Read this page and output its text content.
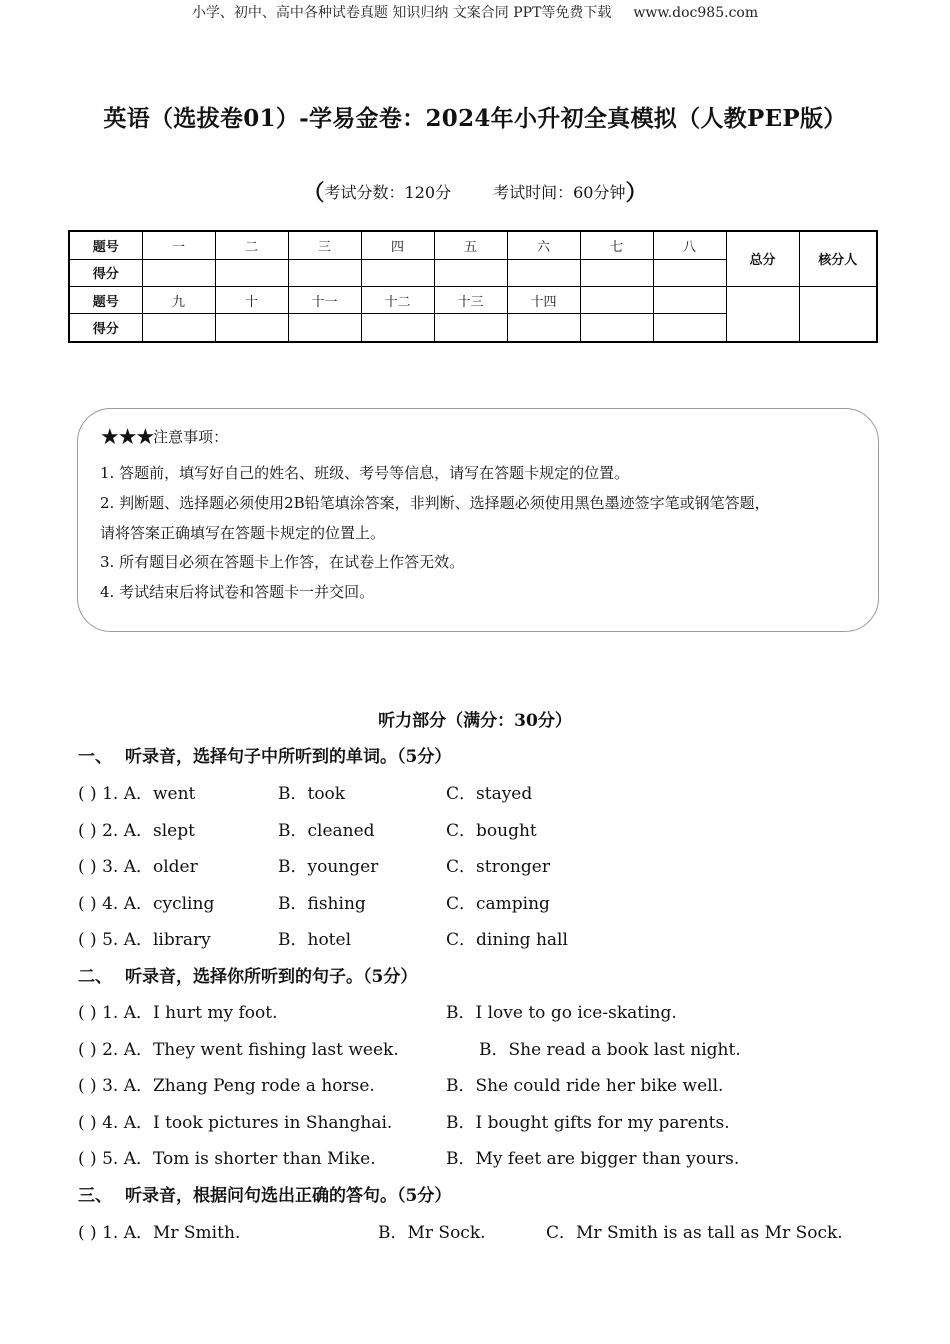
小学、初中、高中各种试卷真题 知识归纳 文案合同 PPT等免费下载 www.doc985.com
英语（选拔卷01）-学易金卷：2024年小升初全真模拟（人教PEP版）
（考试分数：120分	考试时间：60分钟）
题号	一	二	三	四	五	六	七	八	总分	核分人
得分										
题号	九	十	十一	十二	十三	十四				
得分										
★★★注意事项：
1. 答题前，填写好自己的姓名、班级、考号等信息，请写在答题卡规定的位置。
2. 判断题、选择题必须使用2B铅笔填涂答案，非判断、选择题必须使用黑色墨迹签字笔或钢笔答题，
请将答案正确填写在答题卡规定的位置上。
3. 所有题目必须在答题卡上作答，在试卷上作答无效。
4. 考试结束后将试卷和答题卡一并交回。
听力部分（满分：30分）
一、 听录音，选择句子中所听到的单词。（5分）
( ) 1. A．went	B．took	C．stayed
( ) 2. A．slept	B．cleaned	C．bought
( ) 3. A．older	B．younger	C．stronger
( ) 4. A．cycling	B．fishing	C．camping
( ) 5. A．library	B．hotel	C．dining hall
二、 听录音，选择你所听到的句子。（5分）
( ) 1. A．I hurt my foot.	B．I love to go ice-skating.
( ) 2. A．They went fishing last week.	B．She read a book last night.
( ) 3. A．Zhang Peng rode a horse.	B．She could ride her bike well.
( ) 4. A．I took pictures in Shanghai.	B．I bought gifts for my parents.
( ) 5. A．Tom is shorter than Mike.	B．My feet are bigger than yours.
三、 听录音，根据问句选出正确的答句。（5分）
( ) 1. A．Mr Smith.	B．Mr Sock.	C．Mr Smith is as tall as Mr Sock.
